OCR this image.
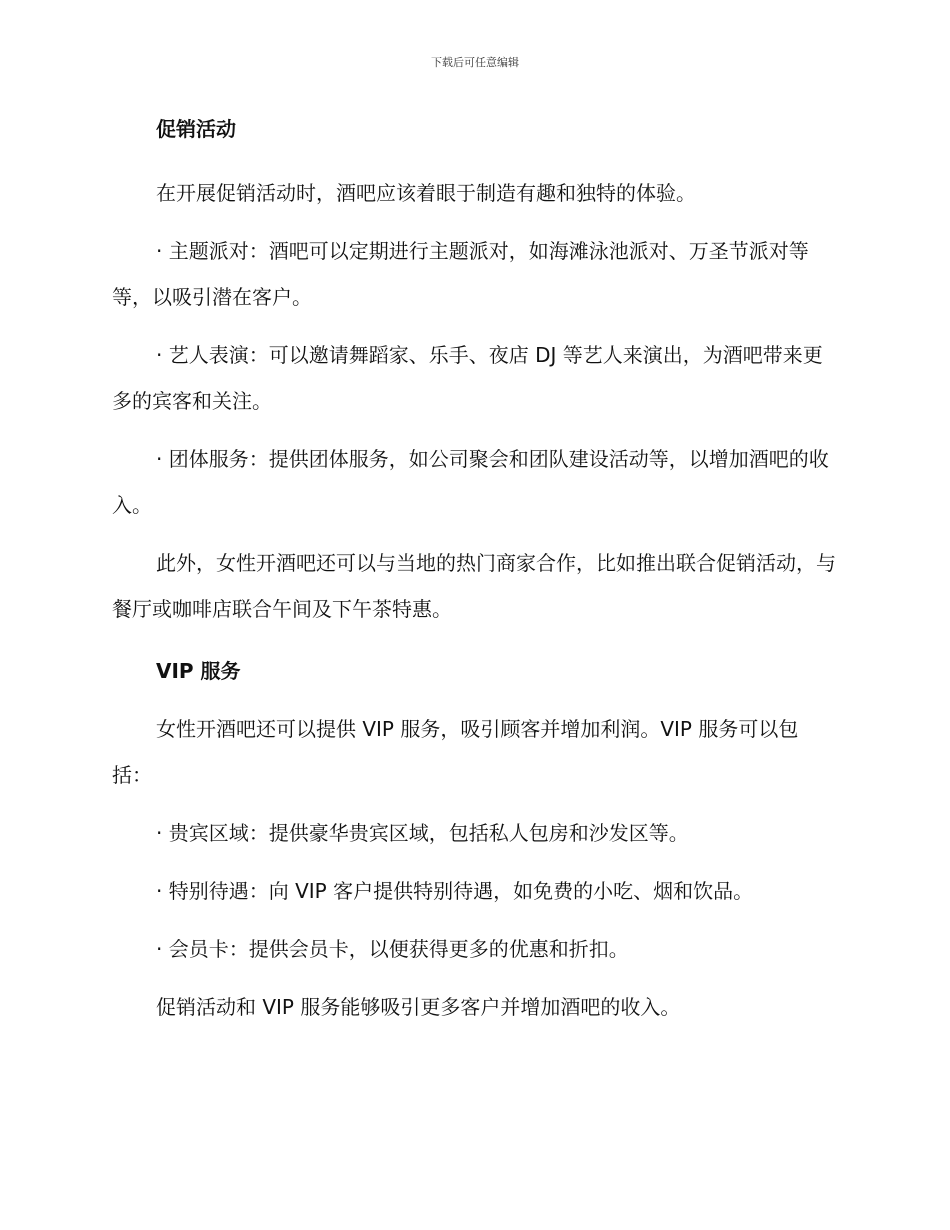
下载后可任意编辑
促销活动

在开展促销活动时，酒吧应该着眼于制造有趣和独特的体验。

· 主题派对：酒吧可以定期进行主题派对，如海滩泳池派对、万圣节派对等等，以吸引潜在客户。

· 艺人表演：可以邀请舞蹈家、乐手、夜店 DJ 等艺人来演出，为酒吧带来更多的宾客和关注。

· 团体服务：提供团体服务，如公司聚会和团队建设活动等，以增加酒吧的收入。

此外，女性开酒吧还可以与当地的热门商家合作，比如推出联合促销活动，与餐厅或咖啡店联合午间及下午茶特惠。

VIP 服务

女性开酒吧还可以提供 VIP 服务，吸引顾客并增加利润。VIP 服务可以包括：

· 贵宾区域：提供豪华贵宾区域，包括私人包房和沙发区等。

· 特别待遇：向 VIP 客户提供特别待遇，如免费的小吃、烟和饮品。

· 会员卡：提供会员卡，以便获得更多的优惠和折扣。

促销活动和 VIP 服务能够吸引更多客户并增加酒吧的收入。
